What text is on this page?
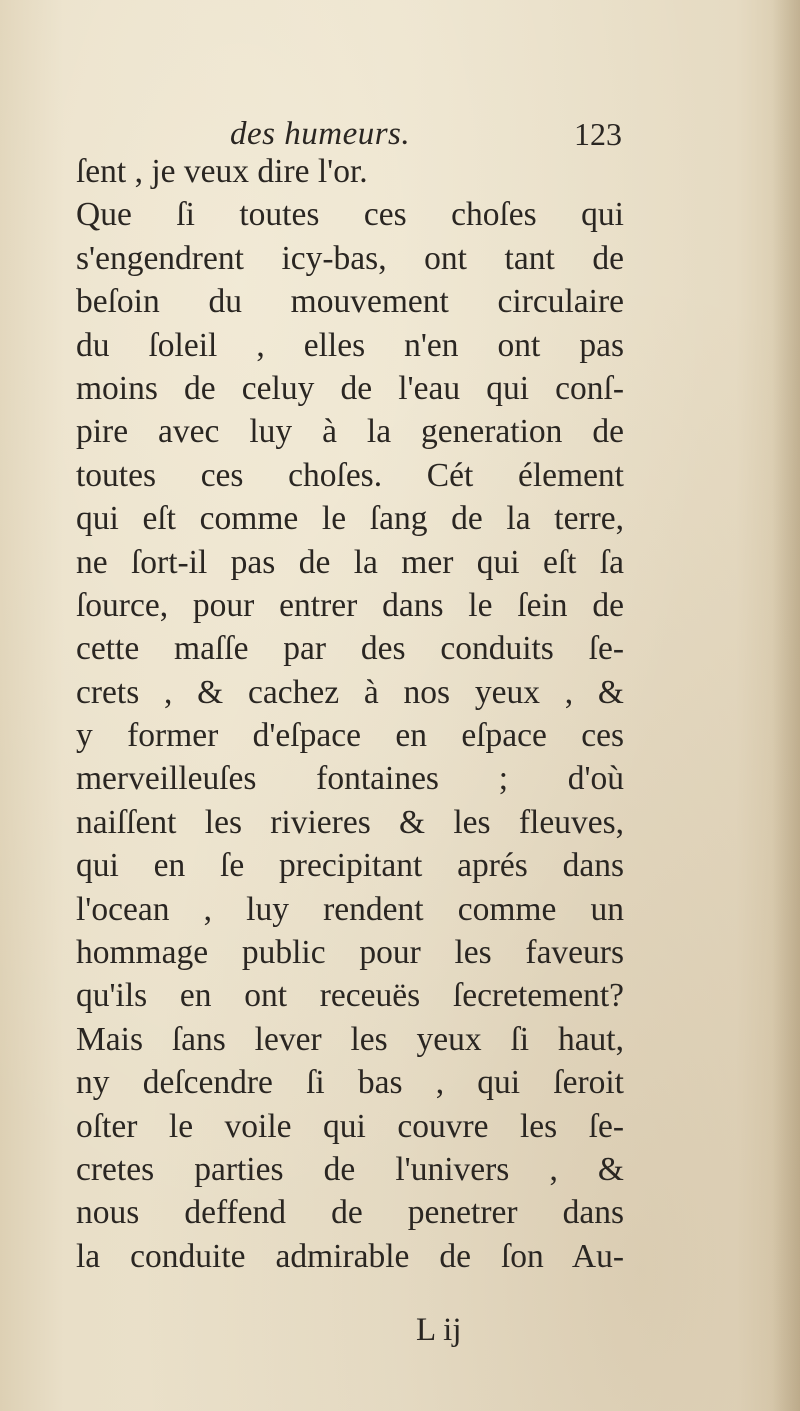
des humeurs.	123
ſent , je veux dire l'or.
Que ſi toutes ces choſes qui
s'engendrent icy-bas, ont tant de
beſoin du mouvement circulaire
du ſoleil , elles n'en ont pas
moins de celuy de l'eau qui conſ-
pire avec luy à la generation de
toutes ces choſes. Cét élement
qui eſt comme le ſang de la terre,
ne ſort-il pas de la mer qui eſt ſa
ſource, pour entrer dans le ſein de
cette maſſe par des conduits ſe-
crets , & cachez à nos yeux , &
y former d'eſpace en eſpace ces
merveilleuſes fontaines ; d'où
naiſſent les rivieres & les fleuves,
qui en ſe precipitant aprés dans
l'ocean , luy rendent comme un
hommage public pour les faveurs
qu'ils en ont receuës ſecretement?
Mais ſans lever les yeux ſi haut,
ny deſcendre ſi bas , qui ſeroit
oſter le voile qui couvre les ſe-
cretes parties de l'univers , &
nous deffend de penetrer dans
la conduite admirable de ſon Au-
L ij
